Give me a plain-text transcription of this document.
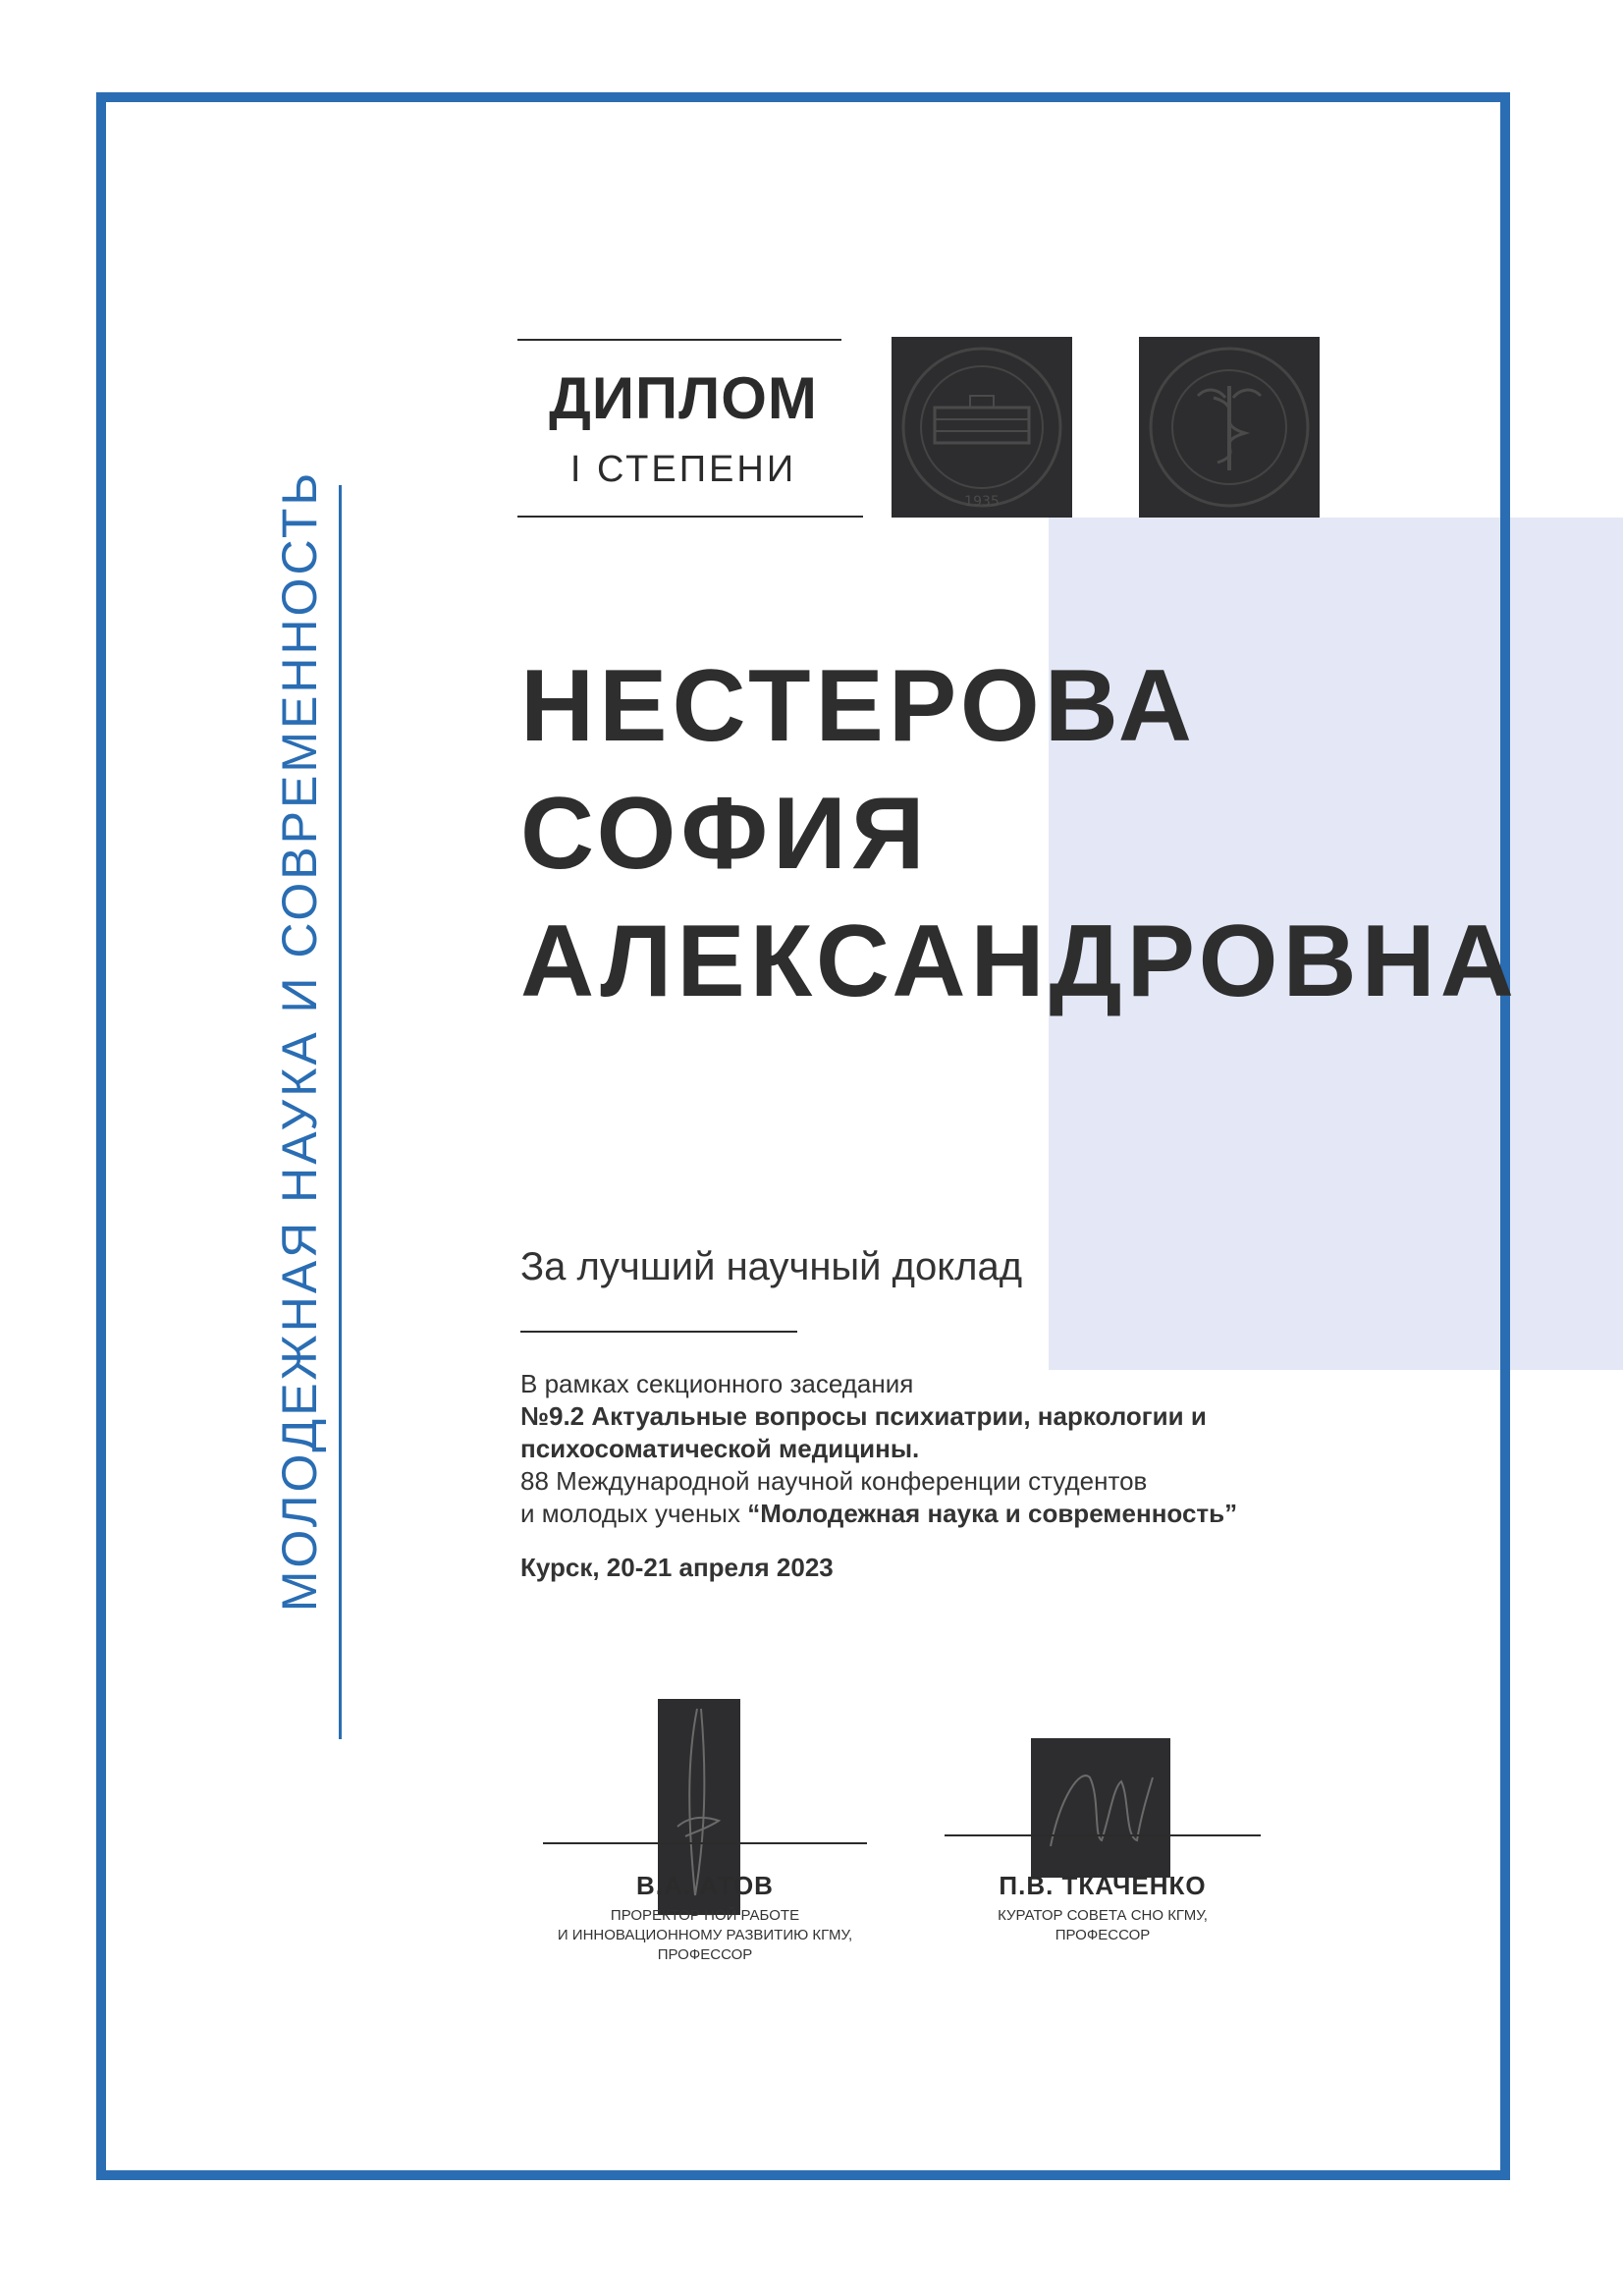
МОЛОДЕЖНАЯ НАУКА И СОВРЕМЕННОСТЬ
ДИПЛОМ
I СТЕПЕНИ
1935
НЕСТЕРОВА
СОФИЯ
АЛЕКСАНДРОВНА
За лучший научный доклад
В рамках секционного заседания
№9.2 Актуальные вопросы психиатрии, наркологии и
психосоматической медицины.
88 Международной научной конференции студентов
и молодых ученых “Молодежная наука и современность”
Курск, 20-21 апреля 2023
В.А. АТОВ
ПРОРЕКТОР НОЙ РАБОТЕ
И ИННОВАЦИОННОМУ РАЗВИТИЮ КГМУ,
ПРОФЕССОР
П.В. ТКАЧЕНКО
КУРАТОР СОВЕТА СНО КГМУ,
ПРОФЕССОР
